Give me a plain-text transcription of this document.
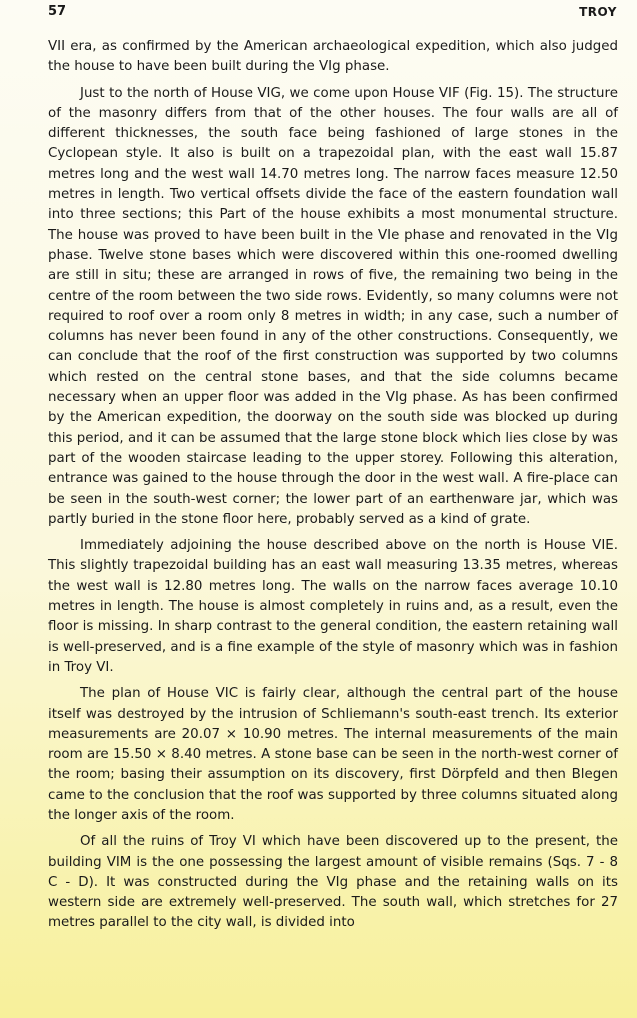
57	TROY

VII era, as confirmed by the American archaeological expedition, which also judged the house to have been built during the VIg phase.

Just to the north of House VIG, we come upon House VIF (Fig. 15). The structure of the masonry differs from that of the other houses. The four walls are all of different thicknesses, the south face being fashioned of large stones in the Cyclopean style. It also is built on a trapezoidal plan, with the east wall 15.87 metres long and the west wall 14.70 metres long. The narrow faces measure 12.50 metres in length. Two vertical offsets divide the face of the eastern foundation wall into three sections; this Part of the house exhibits a most monumental structure. The house was proved to have been built in the VIe phase and renovated in the VIg phase. Twelve stone bases which were discovered within this one-roomed dwelling are still in situ; these are arranged in rows of five, the remaining two being in the centre of the room between the two side rows. Evidently, so many columns were not required to roof over a room only 8 metres in width; in any case, such a number of columns has never been found in any of the other constructions. Consequently, we can conclude that the roof of the first construction was supported by two columns which rested on the central stone bases, and that the side columns became necessary when an upper floor was added in the VIg phase. As has been confirmed by the American expedition, the doorway on the south side was blocked up during this period, and it can be assumed that the large stone block which lies close by was part of the wooden staircase leading to the upper storey. Following this alteration, entrance was gained to the house through the door in the west wall. A fire-place can be seen in the south-west corner; the lower part of an earthenware jar, which was partly buried in the stone floor here, probably served as a kind of grate.

Immediately adjoining the house described above on the north is House VIE. This slightly trapezoidal building has an east wall measuring 13.35 metres, whereas the west wall is 12.80 metres long. The walls on the narrow faces average 10.10 metres in length. The house is almost completely in ruins and, as a result, even the floor is missing. In sharp contrast to the general condition, the eastern retaining wall is well-preserved, and is a fine example of the style of masonry which was in fashion in Troy VI.

The plan of House VIC is fairly clear, although the central part of the house itself was destroyed by the intrusion of Schliemann's south-east trench. Its exterior measurements are 20.07 × 10.90 metres. The internal measurements of the main room are 15.50 × 8.40 metres. A stone base can be seen in the north-west corner of the room; basing their assumption on its discovery, first Dörpfeld and then Blegen came to the conclusion that the roof was supported by three columns situated along the longer axis of the room.

Of all the ruins of Troy VI which have been discovered up to the present, the building VIM is the one possessing the largest amount of visible remains (Sqs. 7 - 8 C - D). It was constructed during the VIg phase and the retaining walls on its western side are extremely well-preserved. The south wall, which stretches for 27 metres parallel to the city wall, is divided into
